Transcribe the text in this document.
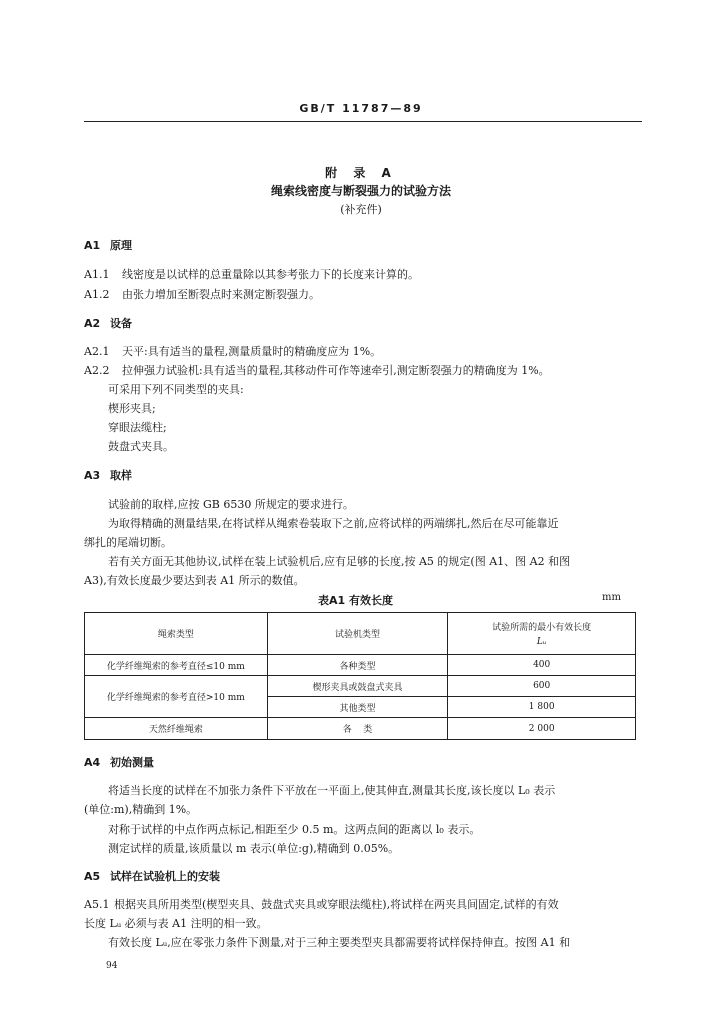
GB/T 11787—89
附 录 A
绳索线密度与断裂强力的试验方法
(补充件)
A1 原理
A1.1 线密度是以试样的总重量除以其参考张力下的长度来计算的。
A1.2 由张力增加至断裂点时来测定断裂强力。
A2 设备
A2.1 天平:具有适当的量程,测量质量时的精确度应为 1%。
A2.2 拉伸强力试验机:具有适当的量程,其移动件可作等速牵引,测定断裂强力的精确度为 1%。
可采用下列不同类型的夹具:
楔形夹具;
穿眼法缆柱;
鼓盘式夹具。
A3 取样
试验前的取样,应按 GB 6530 所规定的要求进行。
为取得精确的测量结果,在将试样从绳索卷装取下之前,应将试样的两端绑扎,然后在尽可能靠近
绑扎的尾端切断。
若有关方面无其他协议,试样在装上试验机后,应有足够的长度,按 A5 的规定(图 A1、图 A2 和图
A3),有效长度最少要达到表 A1 所示的数值。
表A1 有效长度	mm
绳索类型	试验机类型	试验所需的最小有效长度
Lᵤ

化学纤维绳索的参考直径≤10 mm	各种类型	400
化学纤维绳索的参考直径>10 mm	楔形夹具或鼓盘式夹具	600
	其他类型	1 800
天然纤维绳索	各    类	2 000
A4 初始测量
将适当长度的试样在不加张力条件下平放在一平面上,使其伸直,测量其长度,该长度以 L₀ 表示
(单位:m),精确到 1%。
对称于试样的中点作两点标记,相距至少 0.5 m。这两点间的距离以 l₀ 表示。
测定试样的质量,该质量以 m 表示(单位:g),精确到 0.05%。
A5 试样在试验机上的安装
A5.1 根据夹具所用类型(楔型夹具、鼓盘式夹具或穿眼法缆柱),将试样在两夹具间固定,试样的有效
长度 Lᵤ 必须与表 A1 注明的相一致。
有效长度 Lᵤ,应在零张力条件下测量,对于三种主要类型夹具都需要将试样保持伸直。按图 A1 和
94
